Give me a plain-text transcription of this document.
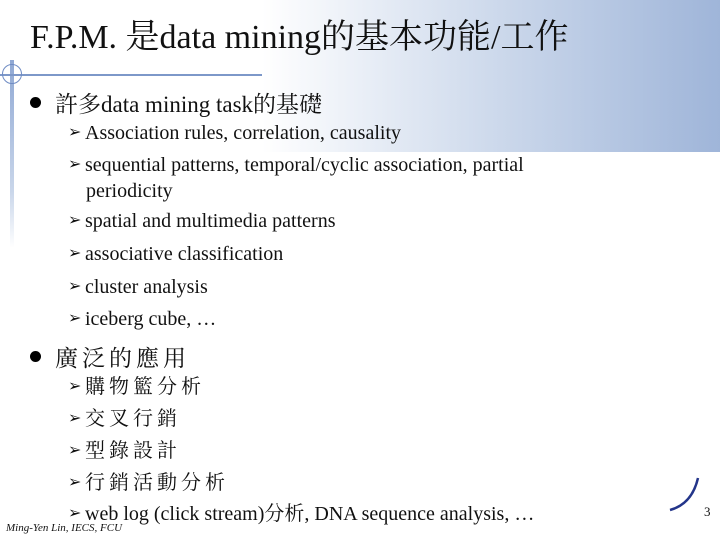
F.P.M. 是data mining的基本功能/工作
許多data mining task的基礎
➢ Association rules, correlation, causality
➢ sequential patterns, temporal/cyclic association, partial
periodicity
➢ spatial and multimedia patterns
➢ associative classification
➢ cluster analysis
➢ iceberg cube, …
廣泛的應用
➢ 購物籃分析
➢ 交叉行銷
➢ 型錄設計
➢ 行銷活動分析
➢ web log (click stream)分析, DNA sequence analysis, …
Ming-Yen Lin, IECS, FCU
3
